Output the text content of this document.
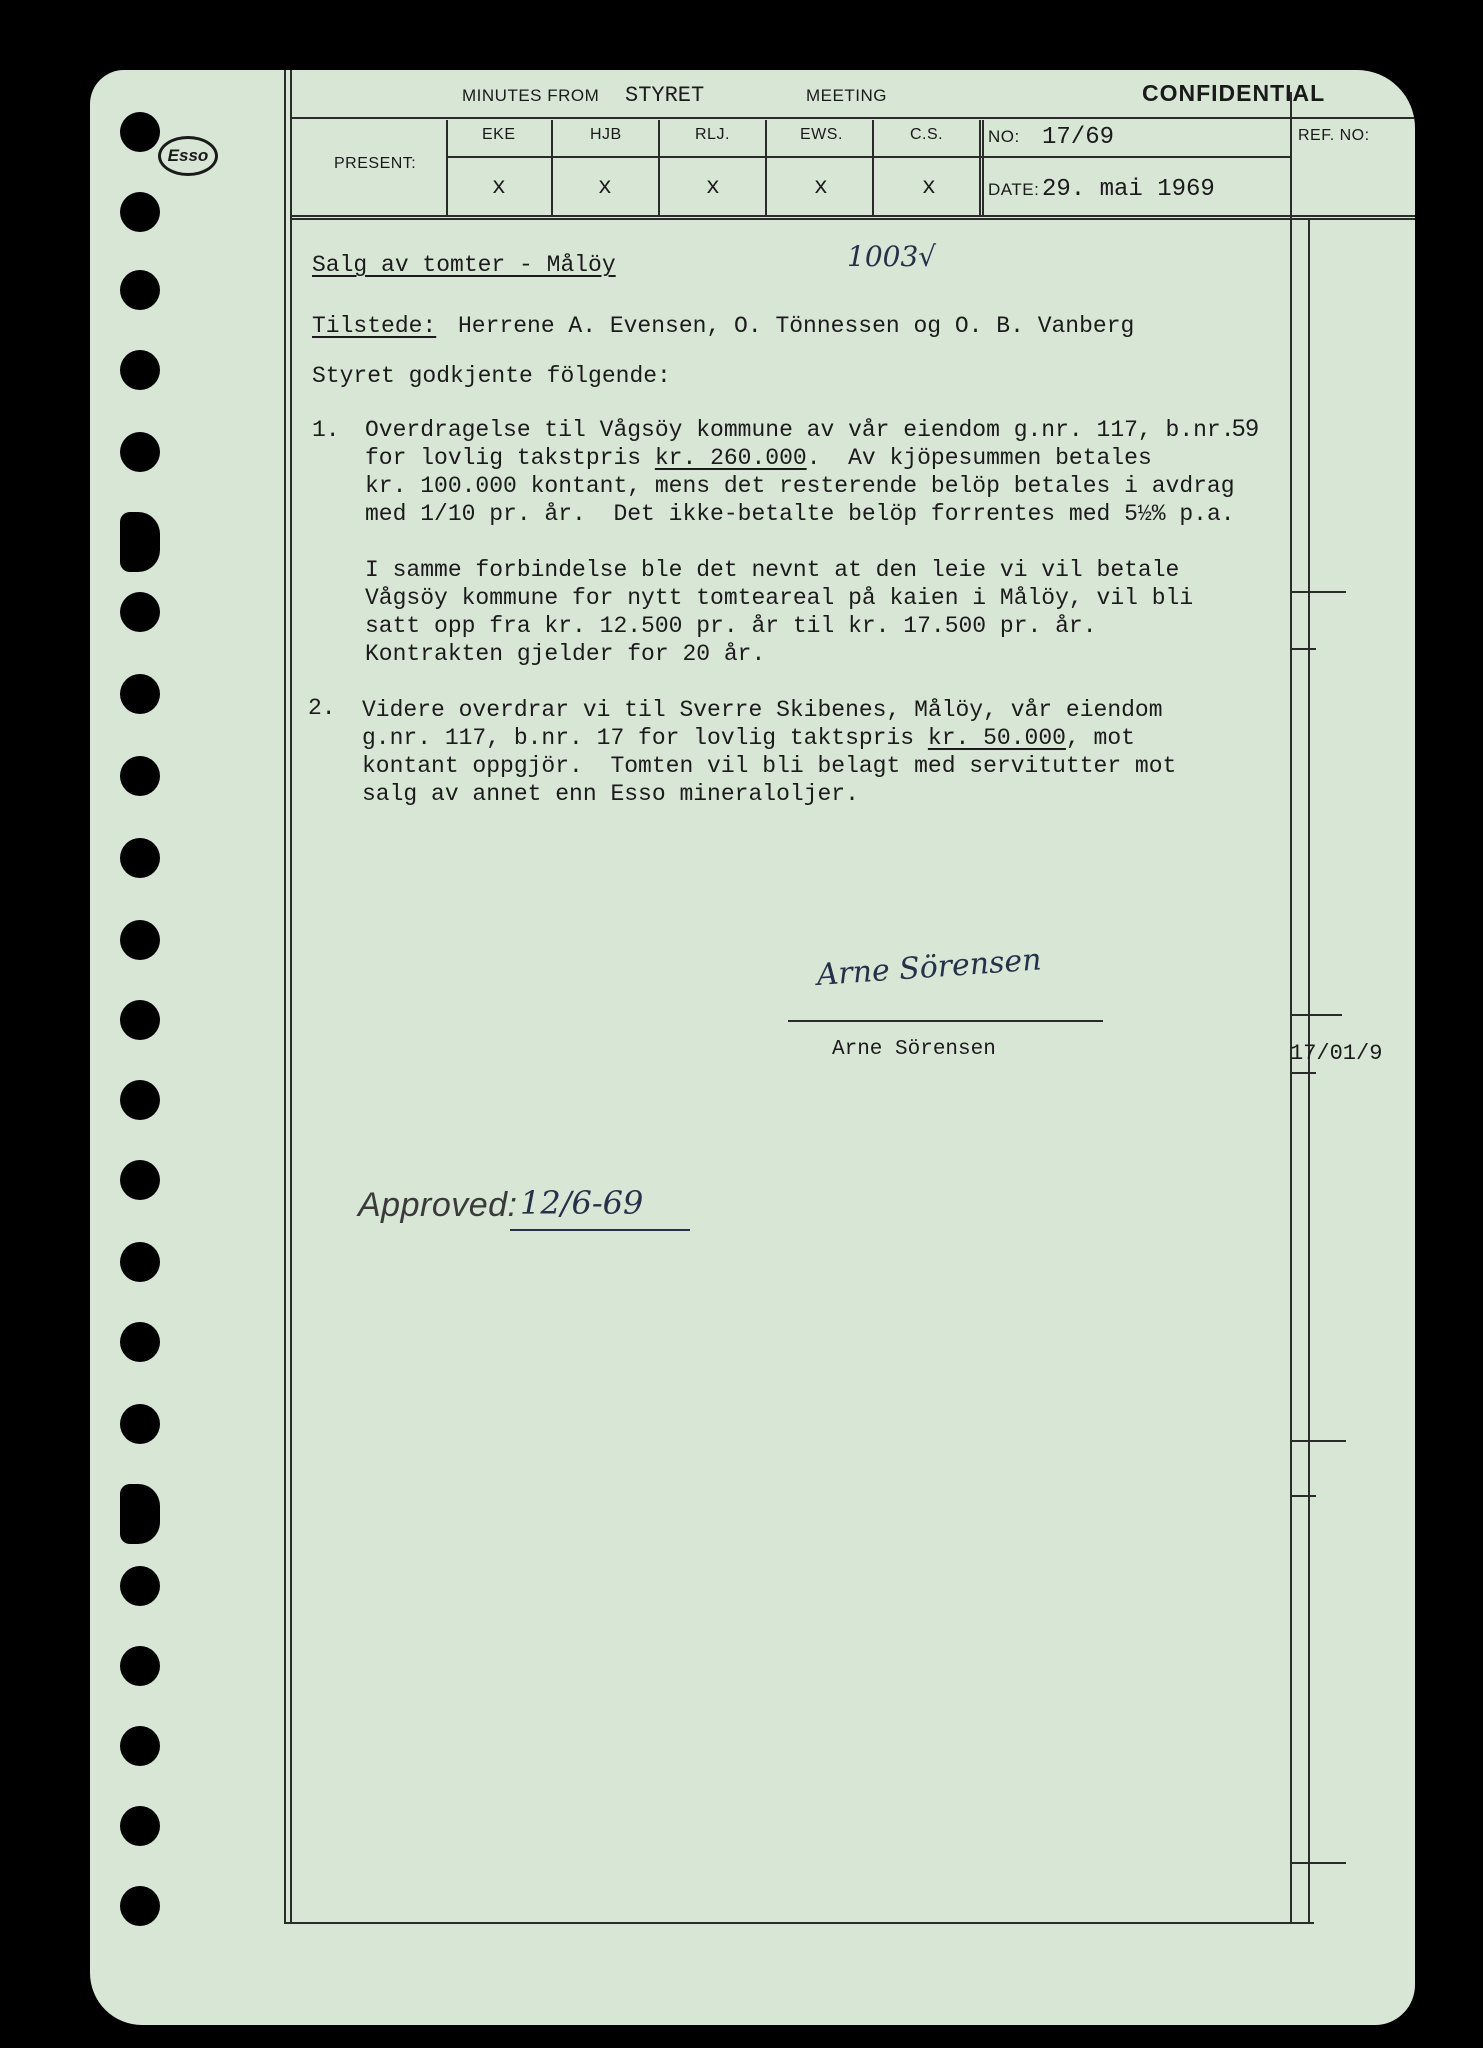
Esso
MINUTES FROM STYRET	MEETING	CONFIDENTIAL
PRESENT:
EKE	HJB	RLJ.	EWS.	C.S.
x	x	x	x	x
NO: 17/69
DATE: 29. mai 1969
REF. NO:
Salg av tomter - Målöy	1003√
Tilstede: Herrene A. Evensen, O. Tönnessen og O. B. Vanberg
Styret godkjente fölgende:
1. Overdragelse til Vågsöy kommune av vår eiendom g.nr. 117, b.nr.
59
for lovlig takstpris kr. 260.000.  Av kjöpesummen betales
kr. 100.000 kontant, mens det resterende belöp betales i avdrag
med 1/10 pr. år.  Det ikke-betalte belöp forrentes med 5½% p.a.
I samme forbindelse ble det nevnt at den leie vi vil betale
Vågsöy kommune for nytt tomteareal på kaien i Målöy, vil bli
satt opp fra kr. 12.500 pr. år til kr. 17.500 pr. år.
Kontrakten gjelder for 20 år.
2. Videre overdrar vi til Sverre Skibenes, Målöy, vår eiendom
g.nr. 117, b.nr. 17 for lovlig taktspris kr. 50.000, mot
kontant oppgjör.  Tomten vil bli belagt med servitutter mot
salg av annet enn Esso mineraloljer.
Arne Sörensen
Arne Sörensen	17/01/9
Approved: 12/6-69
